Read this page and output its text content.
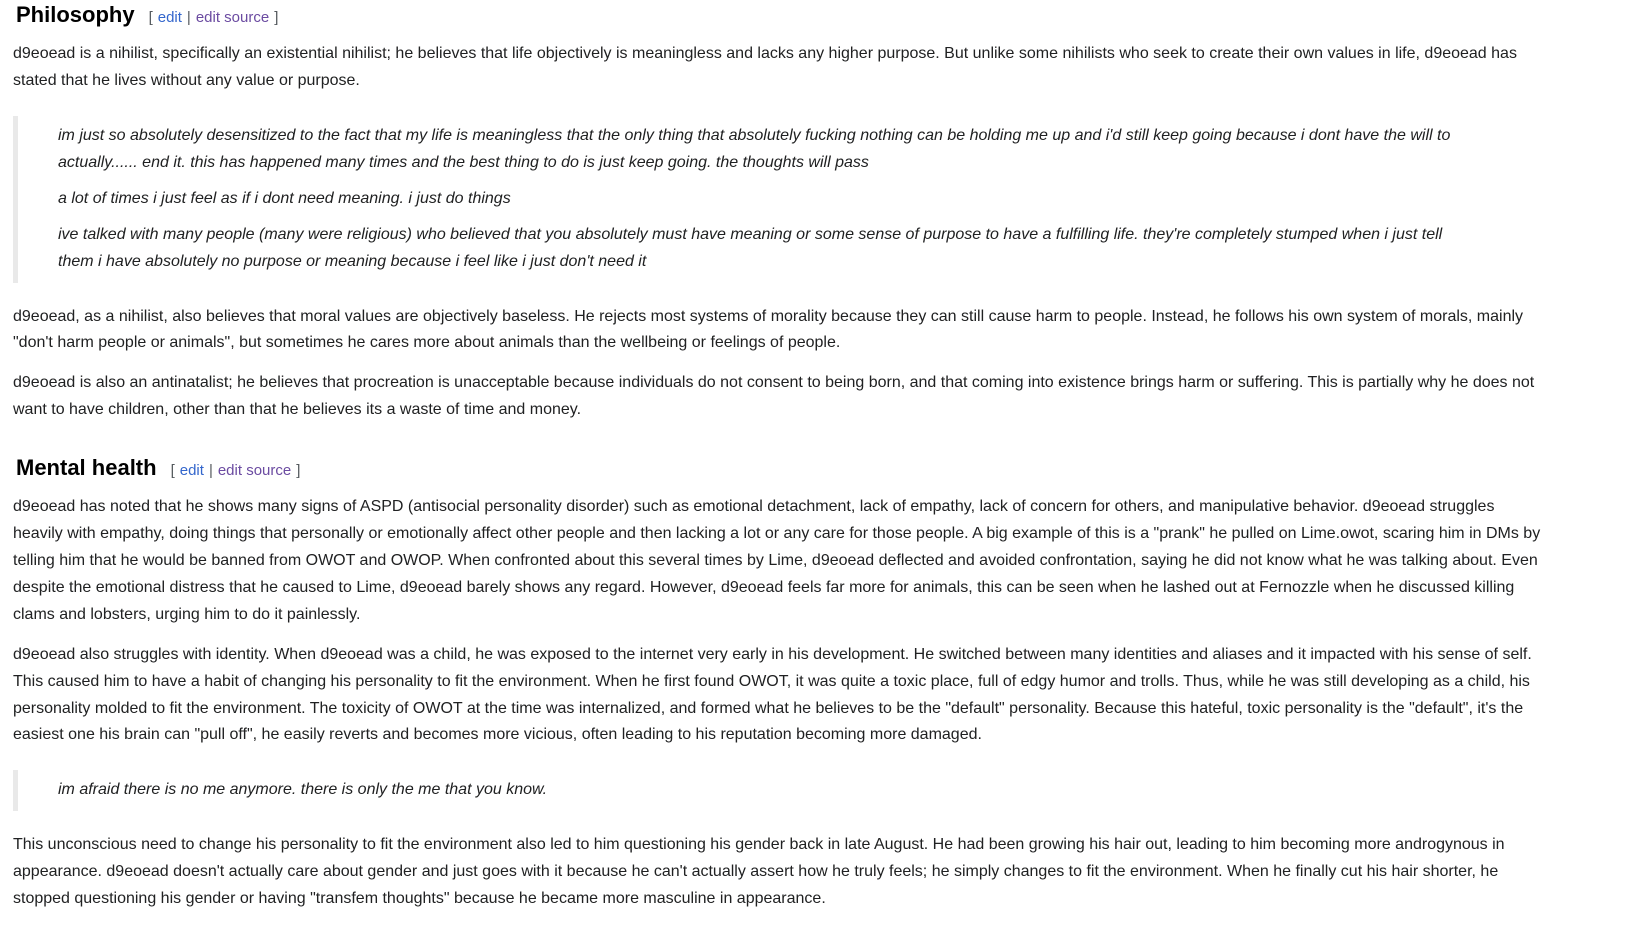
Philosophy [ edit | edit source ]

d9eoead is a nihilist, specifically an existential nihilist; he believes that life objectively is meaningless and lacks any higher purpose. But unlike some nihilists who seek to create their own values in life, d9eoead has stated that he lives without any value or purpose.

im just so absolutely desensitized to the fact that my life is meaningless that the only thing that absolutely fucking nothing can be holding me up and i'd still keep going because i dont have the will to actually...... end it. this has happened many times and the best thing to do is just keep going. the thoughts will pass

a lot of times i just feel as if i dont need meaning. i just do things

ive talked with many people (many were religious) who believed that you absolutely must have meaning or some sense of purpose to have a fulfilling life. they're completely stumped when i just tell them i have absolutely no purpose or meaning because i feel like i just don't need it

d9eoead, as a nihilist, also believes that moral values are objectively baseless. He rejects most systems of morality because they can still cause harm to people. Instead, he follows his own system of morals, mainly "don't harm people or animals", but sometimes he cares more about animals than the wellbeing or feelings of people.

d9eoead is also an antinatalist; he believes that procreation is unacceptable because individuals do not consent to being born, and that coming into existence brings harm or suffering. This is partially why he does not want to have children, other than that he believes its a waste of time and money.

Mental health [ edit | edit source ]

d9eoead has noted that he shows many signs of ASPD (antisocial personality disorder) such as emotional detachment, lack of empathy, lack of concern for others, and manipulative behavior. d9eoead struggles heavily with empathy, doing things that personally or emotionally affect other people and then lacking a lot or any care for those people. A big example of this is a "prank" he pulled on Lime.owot, scaring him in DMs by telling him that he would be banned from OWOT and OWOP. When confronted about this several times by Lime, d9eoead deflected and avoided confrontation, saying he did not know what he was talking about. Even despite the emotional distress that he caused to Lime, d9eoead barely shows any regard. However, d9eoead feels far more for animals, this can be seen when he lashed out at Fernozzle when he discussed killing clams and lobsters, urging him to do it painlessly.

d9eoead also struggles with identity. When d9eoead was a child, he was exposed to the internet very early in his development. He switched between many identities and aliases and it impacted with his sense of self. This caused him to have a habit of changing his personality to fit the environment. When he first found OWOT, it was quite a toxic place, full of edgy humor and trolls. Thus, while he was still developing as a child, his personality molded to fit the environment. The toxicity of OWOT at the time was internalized, and formed what he believes to be the "default" personality. Because this hateful, toxic personality is the "default", it's the easiest one his brain can "pull off", he easily reverts and becomes more vicious, often leading to his reputation becoming more damaged.

im afraid there is no me anymore. there is only the me that you know.

This unconscious need to change his personality to fit the environment also led to him questioning his gender back in late August. He had been growing his hair out, leading to him becoming more androgynous in appearance. d9eoead doesn't actually care about gender and just goes with it because he can't actually assert how he truly feels; he simply changes to fit the environment. When he finally cut his hair shorter, he stopped questioning his gender or having "transfem thoughts" because he became more masculine in appearance.
